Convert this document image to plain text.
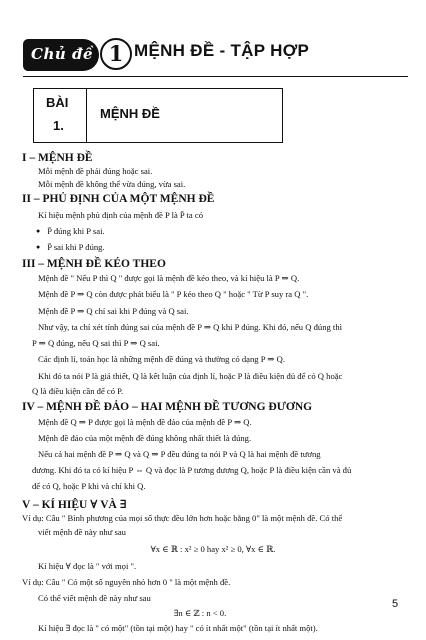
Chủ đề 1 MỆNH ĐỀ - TẬP HỢP
BÀI
1.
MỆNH ĐỀ
I – MỆNH ĐỀ
Mỗi mệnh đề phải đúng hoặc sai.
Mỗi mệnh đề không thể vừa đúng, vừa sai.
II – PHỦ ĐỊNH CỦA MỘT MỆNH ĐỀ
Kí hiệu mệnh phủ định của mệnh đề P là P̄ ta có
● P̄ đúng khi P sai.
● P̄ sai khi P đúng.
III – MỆNH ĐỀ KÉO THEO
Mệnh đề " Nếu P thì Q " được gọi là mệnh đề kéo theo, và kí hiệu là P ⇒ Q.
Mệnh đề P ⇒ Q còn được phát biểu là " P kéo theo Q " hoặc " Từ P suy ra Q ".
Mệnh đề P ⇒ Q chỉ sai khi P đúng và Q sai.
Như vậy, ta chỉ xét tính đúng sai của mệnh đề P ⇒ Q khi P đúng. Khi đó, nếu Q đúng thì
P ⇒ Q đúng, nếu Q sai thì P ⇒ Q sai.
Các định lí, toán học là những mệnh đề đúng và thường có dạng P ⇒ Q.
Khi đó ta nói P là giả thiết, Q là kết luận của định lí, hoặc P là điều kiện đủ để có Q hoặc
Q là điều kiện cần để có P.
IV – MỆNH ĐỀ ĐẢO – HAI MỆNH ĐỀ TƯƠNG ĐƯƠNG
Mệnh đề Q ⇒ P được gọi là mệnh đề đảo của mệnh đề P ⇒ Q.
Mệnh đề đảo của một mệnh đề đúng không nhất thiết là đúng.
Nếu cả hai mệnh đề P ⇒ Q và Q ⇒ P đều đúng ta nói P và Q là hai mệnh đề tương
đương. Khi đó ta có kí hiệu P ⇔ Q và đọc là P tương đương Q, hoặc P là điều kiện cần và đủ
để có Q, hoặc P khi và chỉ khi Q.
V – KÍ HIỆU ∀ VÀ ∃
Ví dụ: Câu " Bình phương của mọi số thực đều lớn hơn hoặc bằng 0" là một mệnh đề. Có thể
viết mệnh đề này như sau
∀x ∈ ℝ : x² ≥ 0 hay x² ≥ 0, ∀x ∈ ℝ.
Kí hiệu ∀ đọc là " với mọi ".
Ví dụ: Câu " Có một số nguyên nhỏ hơn 0 " là một mệnh đề.
Có thể viết mệnh đề này như sau
∃n ∈ ℤ : n < 0.
Kí hiệu ∃ đọc là " có một" (tồn tại một) hay " có ít nhất một" (tồn tại ít nhất một).
5
